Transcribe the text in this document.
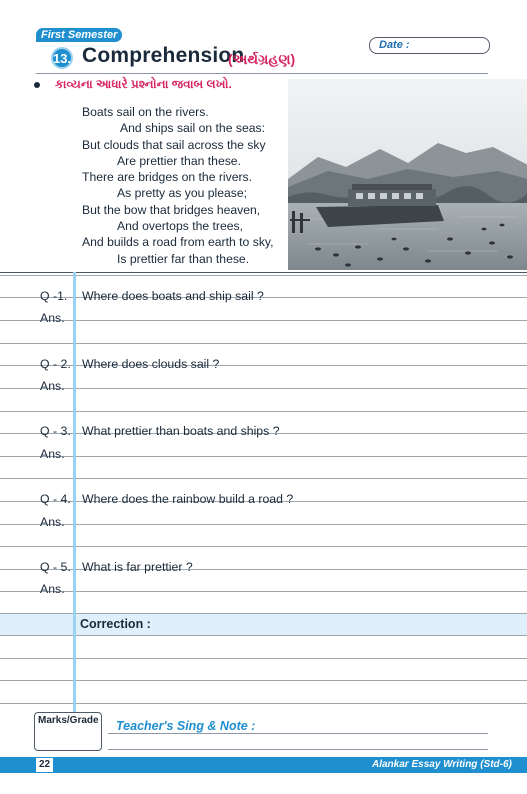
First Semester
13. Comprehension
(અર્થગ્રહણ)
Date :
કાવ્યના આધારે પ્રશ્નોના જવાબ લખો.
Boats sail on the rivers.
And ships sail on the seas:
But clouds that sail across the sky
Are prettier than these.
There are bridges on the rivers.
As pretty as you please;
But the bow that bridges heaven,
And overtops the trees,
And builds a road from earth to sky,
Is prettier far than these.
Q -1. Where does boats and ship sail ?
Ans.
Q - 2. Where does clouds sail ?
Ans.
Q - 3. What prettier than boats and ships ?
Ans.
Q - 4. Where does the rainbow build a road ?
Ans.
Q - 5. What is far prettier ?
Ans.
Correction :
Marks/Grade Teacher's Sing & Note :
22	Alankar Essay Writing (Std-6)
